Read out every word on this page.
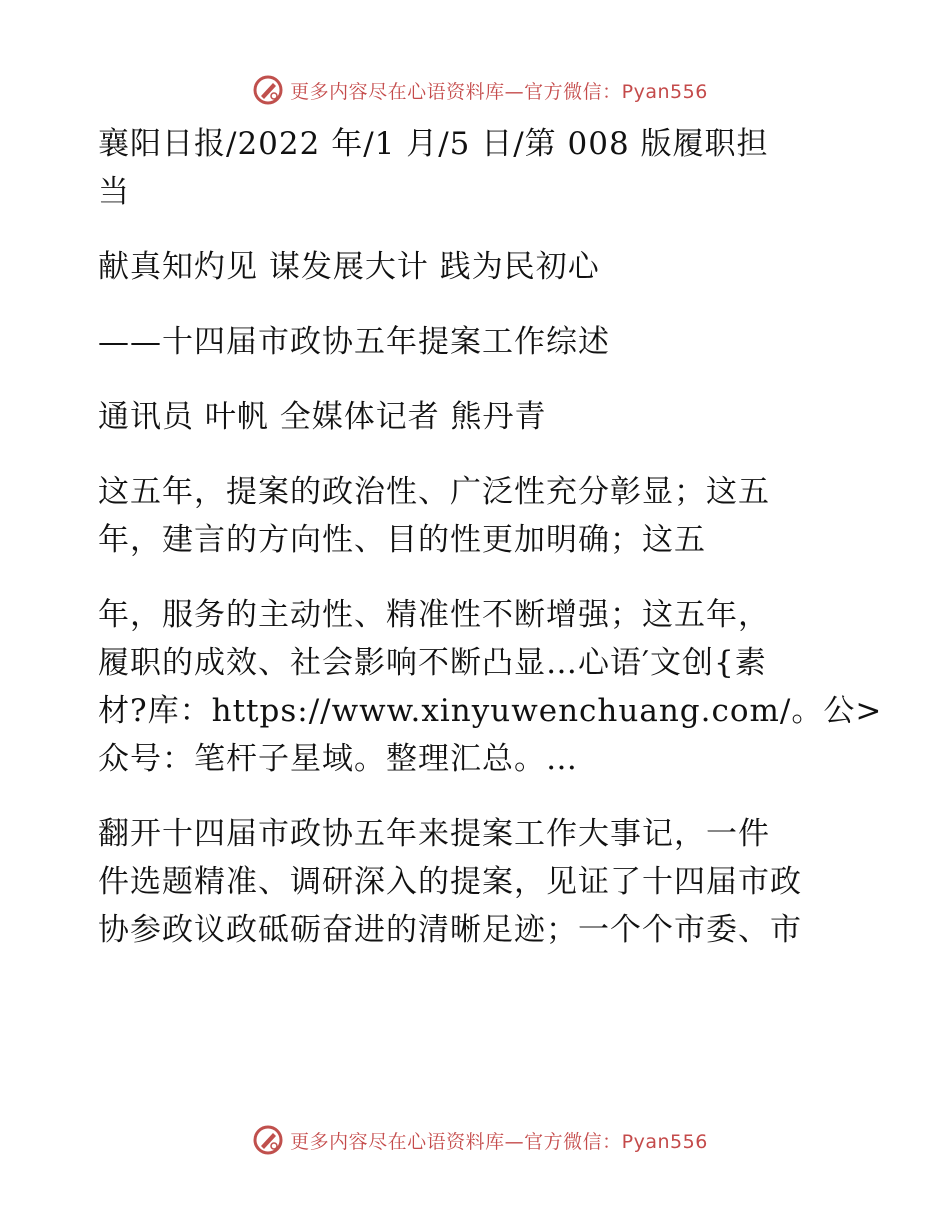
更多内容尽在心语资料库—官方微信：Pyan556
襄阳日报/2022 年/1 月/5 日/第 008 版履职担
当
献真知灼见 谋发展大计 践为民初心
——十四届市政协五年提案工作综述
通讯员 叶帆 全媒体记者 熊丹青
这五年，提案的政治性、广泛性充分彰显；这五
年，建言的方向性、目的性更加明确；这五
年，服务的主动性、精准性不断增强；这五年，
履职的成效、社会影响不断凸显…心语′文创{素
材?库：https://www.xinyuwenchuang.com/。公>
众号：笔杆子星域。整理汇总。…
翻开十四届市政协五年来提案工作大事记，一件
件选题精准、调研深入的提案，见证了十四届市政
协参政议政砥砺奋进的清晰足迹；一个个市委、市
更多内容尽在心语资料库—官方微信：Pyan556
